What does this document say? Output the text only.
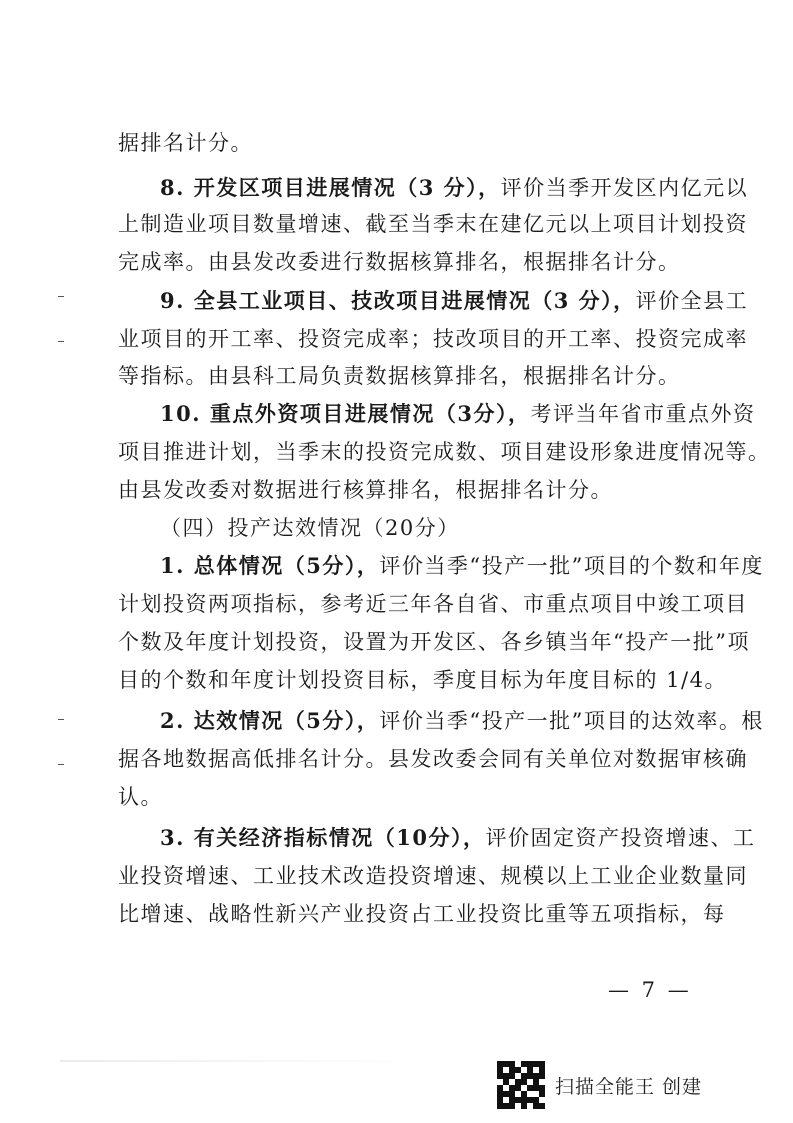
据排名计分。
8. 开发区项目进展情况（3 分），评价当季开发区内亿元以
上制造业项目数量增速、截至当季末在建亿元以上项目计划投资
完成率。由县发改委进行数据核算排名，根据排名计分。
9. 全县工业项目、技改项目进展情况（3 分），评价全县工
业项目的开工率、投资完成率；技改项目的开工率、投资完成率
等指标。由县科工局负责数据核算排名，根据排名计分。
10. 重点外资项目进展情况（3分），考评当年省市重点外资
项目推进计划，当季末的投资完成数、项目建设形象进度情况等。
由县发改委对数据进行核算排名，根据排名计分。
（四）投产达效情况（20分）
1. 总体情况（5分），评价当季“投产一批”项目的个数和年度
计划投资两项指标，参考近三年各自省、市重点项目中竣工项目
个数及年度计划投资，设置为开发区、各乡镇当年“投产一批”项
目的个数和年度计划投资目标，季度目标为年度目标的 1/4。
2. 达效情况（5分），评价当季“投产一批”项目的达效率。根
据各地数据高低排名计分。县发改委会同有关单位对数据审核确
认。
3. 有关经济指标情况（10分），评价固定资产投资增速、工
业投资增速、工业技术改造投资增速、规模以上工业企业数量同
比增速、战略性新兴产业投资占工业投资比重等五项指标，每
— 7 —
扫描全能王 创建
